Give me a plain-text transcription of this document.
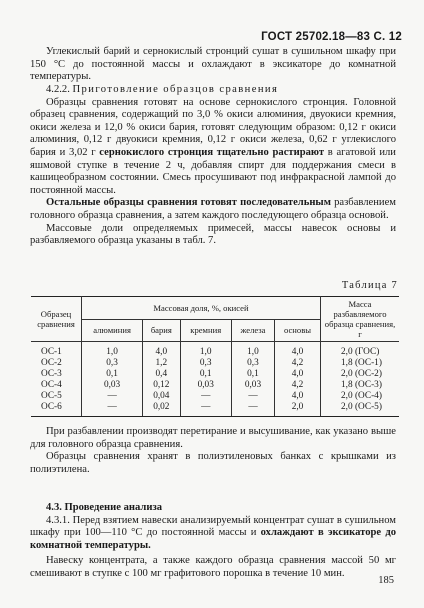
ГОСТ 25702.18—83 С. 12

Углекислый барий и сернокислый стронций сушат в сушильном шкафу при 150 °С до постоянной массы и охлаждают в эксикаторе до комнатной температуры.

4.2.2. Приготовление образцов сравнения

Образцы сравнения готовят на основе сернокислого стронция. Головной образец сравнения, содержащий по 3,0 % окиси алюминия, двуокиси кремния, окиси железа и 12,0 % окиси бария, готовят следующим образом: 0,12 г окиси алюминия, 0,12 г двуокиси кремния, 0,12 г окиси железа, 0,62 г углекислого бария и 3,02 г сернокислого стронция тщательно растирают в агатовой или яшмовой ступке в течение 2 ч, добавляя спирт для поддержания смеси в кашицеобразном состоянии. Смесь просушивают под инфракрасной лампой до постоянной массы.

Остальные образцы сравнения готовят последовательным разбавлением головного образца сравнения, а затем каждого последующего образца основой.

Массовые доли определяемых примесей, массы навесок основы и разбавляемого образца указаны в табл. 7.

Таблица 7
Образец сравнения	Массовая доля, %, окисей					Масса разбавляемого образца сравнения, г
	алюминия	бария	кремния	железа	основы	
ОС-1	1,0	4,0	1,0	1,0	4,0	2,0 (ГОС)
ОС-2	0,3	1,2	0,3	0,3	4,2	1,8 (ОС-1)
ОС-3	0,1	0,4	0,1	0,1	4,0	2,0 (ОС-2)
ОС-4	0,03	0,12	0,03	0,03	4,2	1,8 (ОС-3)
ОС-5	—	0,04	—	—	4,0	2,0 (ОС-4)
ОС-6	—	0,02	—	—	2,0	2,0 (ОС-5)

При разбавлении производят перетирание и высушивание, как указано выше для головного образца сравнения.

Образцы сравнения хранят в полиэтиленовых банках с крышками из полиэтилена.

4.3. Проведение анализа

4.3.1. Перед взятием навески анализируемый концентрат сушат в сушильном шкафу при 100—110 °С до постоянной массы и охлаждают в эксикаторе до комнатной температуры.

Навеску концентрата, а также каждого образца сравнения массой 50 мг смешивают в ступке с 100 мг графитового порошка в течение 10 мин.

185
